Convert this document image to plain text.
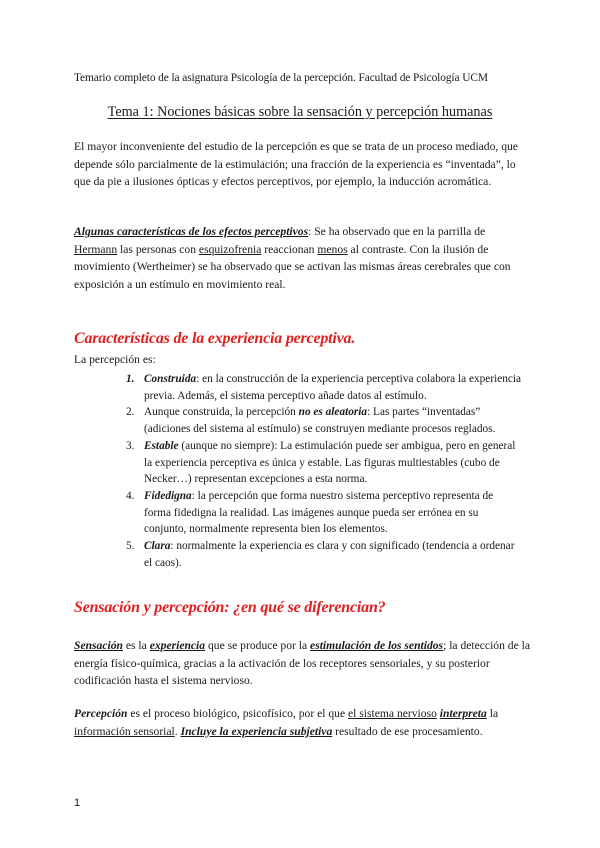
Temario completo de la asignatura Psicología de la percepción. Facultad de Psicología UCM
Tema 1: Nociones básicas sobre la sensación y percepción humanas

El mayor inconveniente del estudio de la percepción es que se trata de un proceso mediado, que depende sólo parcialmente de la estimulación; una fracción de la experiencia es “inventada”, lo que da pie a ilusiones ópticas y efectos perceptivos, por ejemplo, la inducción acromática.

Algunas características de los efectos perceptivos: Se ha observado que en la parrilla de Hermann las personas con esquizofrenia reaccionan menos al contraste. Con la ilusión de movimiento (Wertheimer) se ha observado que se activan las mismas áreas cerebrales que con exposición a un estímulo en movimiento real.

Características de la experiencia perceptiva.

La percepción es:

1. Construida: en la construcción de la experiencia perceptiva colabora la experiencia previa. Además, el sistema perceptivo añade datos al estímulo.
2. Aunque construida, la percepción no es aleatoria: Las partes “inventadas” (adiciones del sistema al estímulo) se construyen mediante procesos reglados.
3. Estable (aunque no siempre): La estimulación puede ser ambigua, pero en general la experiencia perceptiva es única y estable. Las figuras multiestables (cubo de Necker…) representan excepciones a esta norma.
4. Fidedigna: la percepción que forma nuestro sistema perceptivo representa de forma fidedigna la realidad. Las imágenes aunque pueda ser errónea en su conjunto, normalmente representa bien los elementos.
5. Clara: normalmente la experiencia es clara y con significado (tendencia a ordenar el caos).
Sensación y percepción: ¿en qué se diferencian?

Sensación es la experiencia que se produce por la estimulación de los sentidos; la detección de la energía físico-química, gracias a la activación de los receptores sensoriales, y su posterior codificación hasta el sistema nervioso.

Percepción es el proceso biológico, psicofísico, por el que el sistema nervioso interpreta la información sensorial. Incluye la experiencia subjetiva resultado de ese procesamiento.

1
